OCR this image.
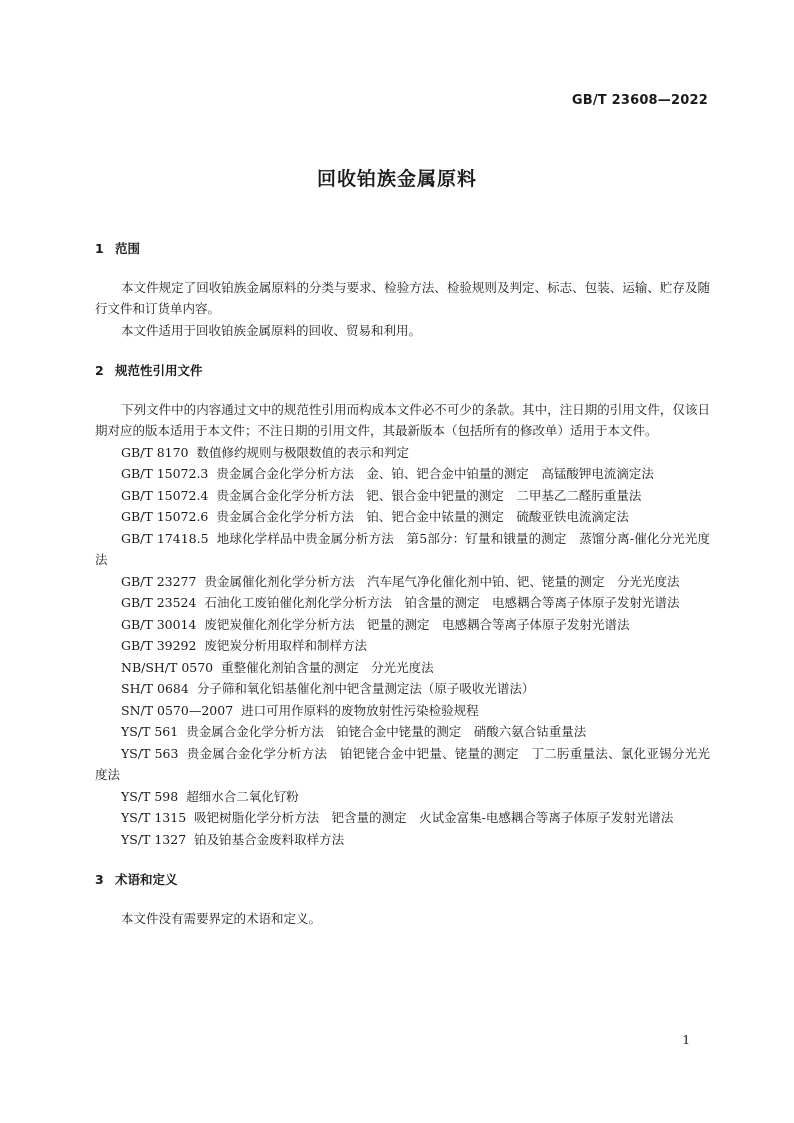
GB/T 23608—2022
回收铂族金属原料
1 范围

本文件规定了回收铂族金属原料的分类与要求、检验方法、检验规则及判定、标志、包装、运输、贮存及随行文件和订货单内容。

本文件适用于回收铂族金属原料的回收、贸易和利用。

2 规范性引用文件

下列文件中的内容通过文中的规范性引用而构成本文件必不可少的条款。其中，注日期的引用文件，仅该日期对应的版本适用于本文件；不注日期的引用文件，其最新版本（包括所有的修改单）适用于本文件。

GB/T 8170 数值修约规则与极限数值的表示和判定

GB/T 15072.3 贵金属合金化学分析方法　金、铂、钯合金中铂量的测定　高锰酸钾电流滴定法

GB/T 15072.4 贵金属合金化学分析方法　钯、银合金中钯量的测定　二甲基乙二醛肟重量法

GB/T 15072.6 贵金属合金化学分析方法　铂、钯合金中铱量的测定　硫酸亚铁电流滴定法

GB/T 17418.5 地球化学样品中贵金属分析方法　第5部分：钌量和锇量的测定　蒸馏分离-催化分光光度法

GB/T 23277 贵金属催化剂化学分析方法　汽车尾气净化催化剂中铂、钯、铑量的测定　分光光度法

GB/T 23524 石油化工废铂催化剂化学分析方法　铂含量的测定　电感耦合等离子体原子发射光谱法

GB/T 30014 废钯炭催化剂化学分析方法　钯量的测定　电感耦合等离子体原子发射光谱法

GB/T 39292 废钯炭分析用取样和制样方法

NB/SH/T 0570 重整催化剂铂含量的测定　分光光度法

SH/T 0684 分子筛和氧化铝基催化剂中钯含量测定法（原子吸收光谱法）

SN/T 0570—2007 进口可用作原料的废物放射性污染检验规程

YS/T 561 贵金属合金化学分析方法　铂铑合金中铑量的测定　硝酸六氨合钴重量法

YS/T 563 贵金属合金化学分析方法　铂钯铑合金中钯量、铑量的测定　丁二肟重量法、氯化亚锡分光光度法

YS/T 598 超细水合二氧化钌粉

YS/T 1315 吸钯树脂化学分析方法　钯含量的测定　火试金富集-电感耦合等离子体原子发射光谱法

YS/T 1327 铂及铂基合金废料取样方法

3 术语和定义

本文件没有需要界定的术语和定义。

1
